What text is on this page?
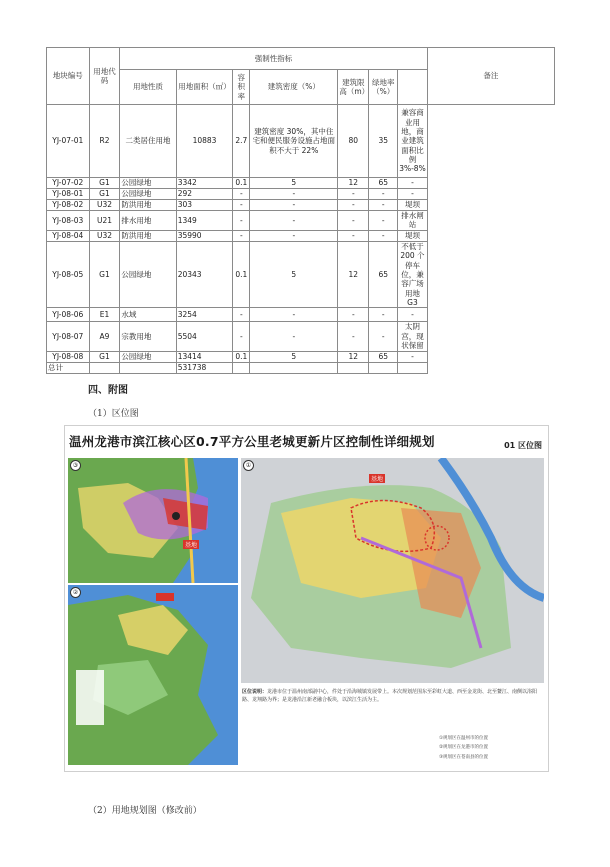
地块编号	用地代码	强制性指标							备注
		用地性质	用地面积（㎡）	容积率	建筑密度（%）	建筑限高（m）	绿地率（%）		
YJ-07-01	R2	二类居住用地	10883	2.7	建筑密度 30%，其中住宅和便民服务设施占地面积不大于 22%	80	35	兼容商业用地，商业建筑面积比例 3%-8%	
YJ-07-02	G1	公园绿地	3342	0.1	5	12	65	-	
YJ-08-01	G1	公园绿地	292	-	-	-	-	-	
YJ-08-02	U32	防洪用地	303	-	-	-	-	堤坝	
YJ-08-03	U21	排水用地	1349	-	-	-	-	排水闸站	
YJ-08-04	U32	防洪用地	35990	-	-	-	-	堤坝	
YJ-08-05	G1	公园绿地	20343	0.1	5	12	65	不低于 200 个停车位，兼容广场用地 G3	
YJ-08-06	E1	水域	3254	-	-	-	-	-	
YJ-08-07	A9	宗教用地	5504	-	-	-	-	太阴宫，现状保留	
YJ-08-08	G1	公园绿地	13414	0.1	5	12	65	-	
总计			531738						
四、附图

（1）区位图

温州龙港市滨江核心区0.7平方公里老城更新片区控制性详细规划	01 区位图
③
基地
②
①
基地
区位说明：龙港市位于温州南部副中心，件处于沿海城镇发展带上。本次规划范围东至彩虹大道、西至金龙街、北至鳌江、南侧以浴阳路、龙翔路为界；是龙港沿江新老融合板块，以滨江生活为主。
①规划区在温州市的位置
②规划区在龙港市的位置
③规划区在苍南县的位置

（2）用地规划图（修改前）
